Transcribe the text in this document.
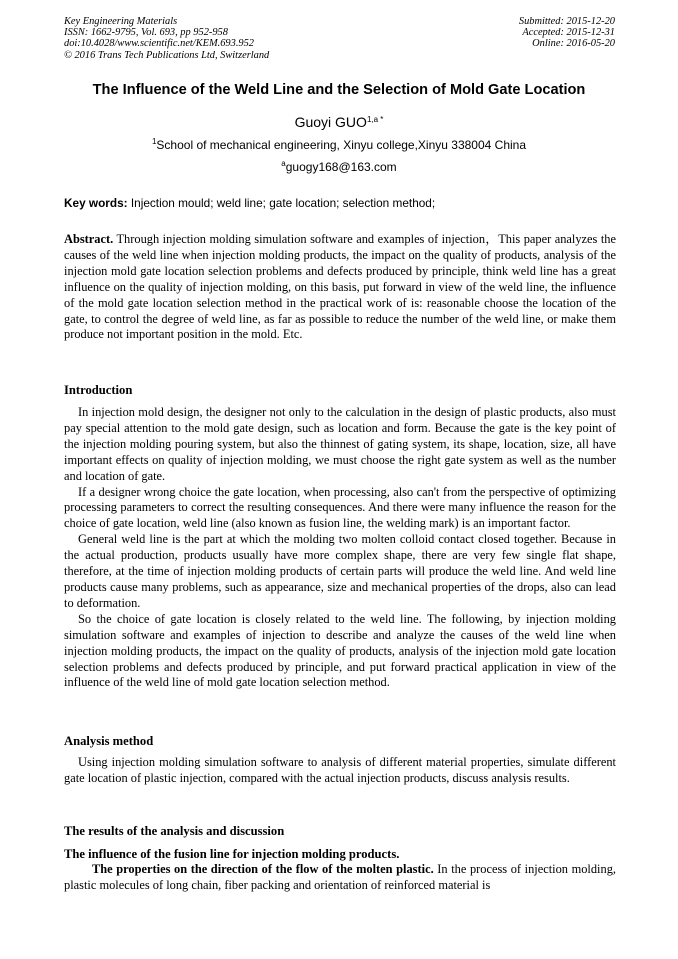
Key Engineering Materials
ISSN: 1662-9795, Vol. 693, pp 952-958
doi:10.4028/www.scientific.net/KEM.693.952
© 2016 Trans Tech Publications Ltd, Switzerland
Submitted: 2015-12-20
Accepted: 2015-12-31
Online: 2016-05-20
The Influence of the Weld Line and the Selection of Mold Gate Location
Guoyi $GUO^{1,a *}$
$^1$School of mechanical engineering, Xinyu college,Xinyu 338004 China
$^a$guogy168@163.com
Key words: Injection mould; weld line; gate location; selection method;

Abstract. Through injection molding simulation software and examples of injection，This paper analyzes the causes of the weld line when injection molding products, the impact on the quality of products, analysis of the injection mold gate location selection problems and defects produced by principle, think weld line has a great influence on the quality of injection molding, on this basis, put forward in view of the weld line, the influence of the mold gate location selection method in the practical work of is: reasonable choose the location of the gate, to control the degree of weld line, as far as possible to reduce the number of the weld line, or make them produce not important position in the mold. Etc.

Introduction

In injection mold design, the designer not only to the calculation in the design of plastic products, also must pay special attention to the mold gate design, such as location and form. Because the gate is the key point of the injection molding pouring system, but also the thinnest of gating system, its shape, location, size, all have important effects on quality of injection molding, we must choose the right gate system as well as the number and location of gate.

If a designer wrong choice the gate location, when processing, also can't from the perspective of optimizing processing parameters to correct the resulting consequences. And there were many influence the reason for the choice of gate location, weld line (also known as fusion line, the welding mark) is an important factor.

General weld line is the part at which the molding two molten colloid contact closed together. Because in the actual production, products usually have more complex shape, there are very few single flat shape, therefore, at the time of injection molding products of certain parts will produce the weld line. And weld line products cause many problems, such as appearance, size and mechanical properties of the drops, also can lead to deformation.

So the choice of gate location is closely related to the weld line. The following, by injection molding simulation software and examples of injection to describe and analyze the causes of the weld line when injection molding products, the impact on the quality of products, analysis of the injection mold gate location selection problems and defects produced by principle, and put forward practical application in view of the influence of the weld line of mold gate location selection method.

Analysis method

Using injection molding simulation software to analysis of different material properties, simulate different gate location of plastic injection, compared with the actual injection products, discuss analysis results.

The results of the analysis and discussion
The influence of the fusion line for injection molding products.

The properties on the direction of the flow of the molten plastic. In the process of injection molding, plastic molecules of long chain, fiber packing and orientation of reinforced material is
